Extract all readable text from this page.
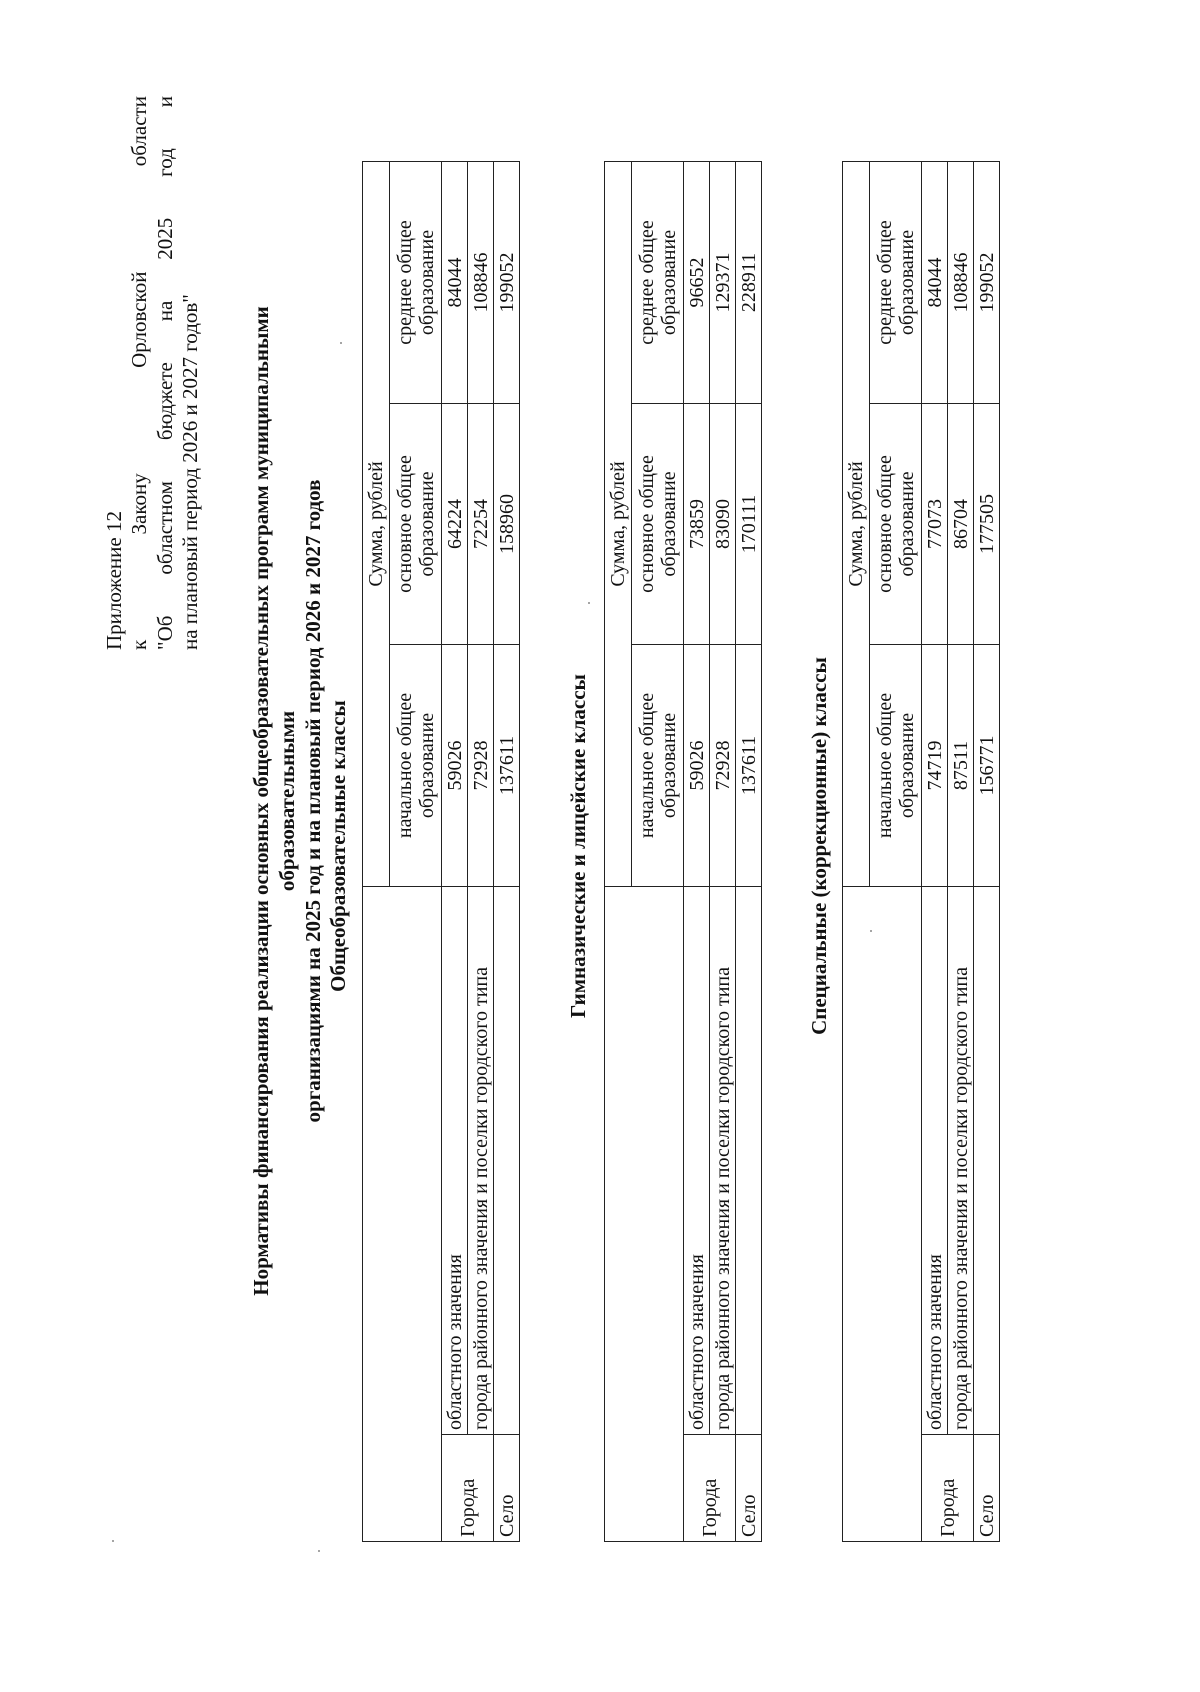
Приложение 12 к
Закону
Орловской
области "Об областном бюджете на 2025 год и на плановый период 2026 и 2027 годов" Нормативы финансирования реализации основных общеобразовательных программ муниципальными образовательными организациями на 2025 год и на плановый период 2026 и 2027 годов Общеобразовательные классы
		Сумма, рублей		
		начальное общее образование	основное общее образование	среднее общее образование
Города	областного значения	59026	64224	84044
	города районного значения и поселки городского типа	72928	72254	108846
Село		137611	158960	199052
Гимназические и лицейские классы
		Сумма, рублей		
		начальное общее образование	основное общее образование	среднее общее образование
Города	областного значения	59026	73859	96652
	города районного значения и поселки городского типа	72928	83090	129371
Село		137611	170111	228911
Специальные (коррекционные) классы
		Сумма, рублей		
		начальное общее образование	основное общее образование	среднее общее образование
Города	областного значения	74719	77073	84044
	города районного значения и поселки городского типа	87511	86704	108846
Село		156771	177505	199052
